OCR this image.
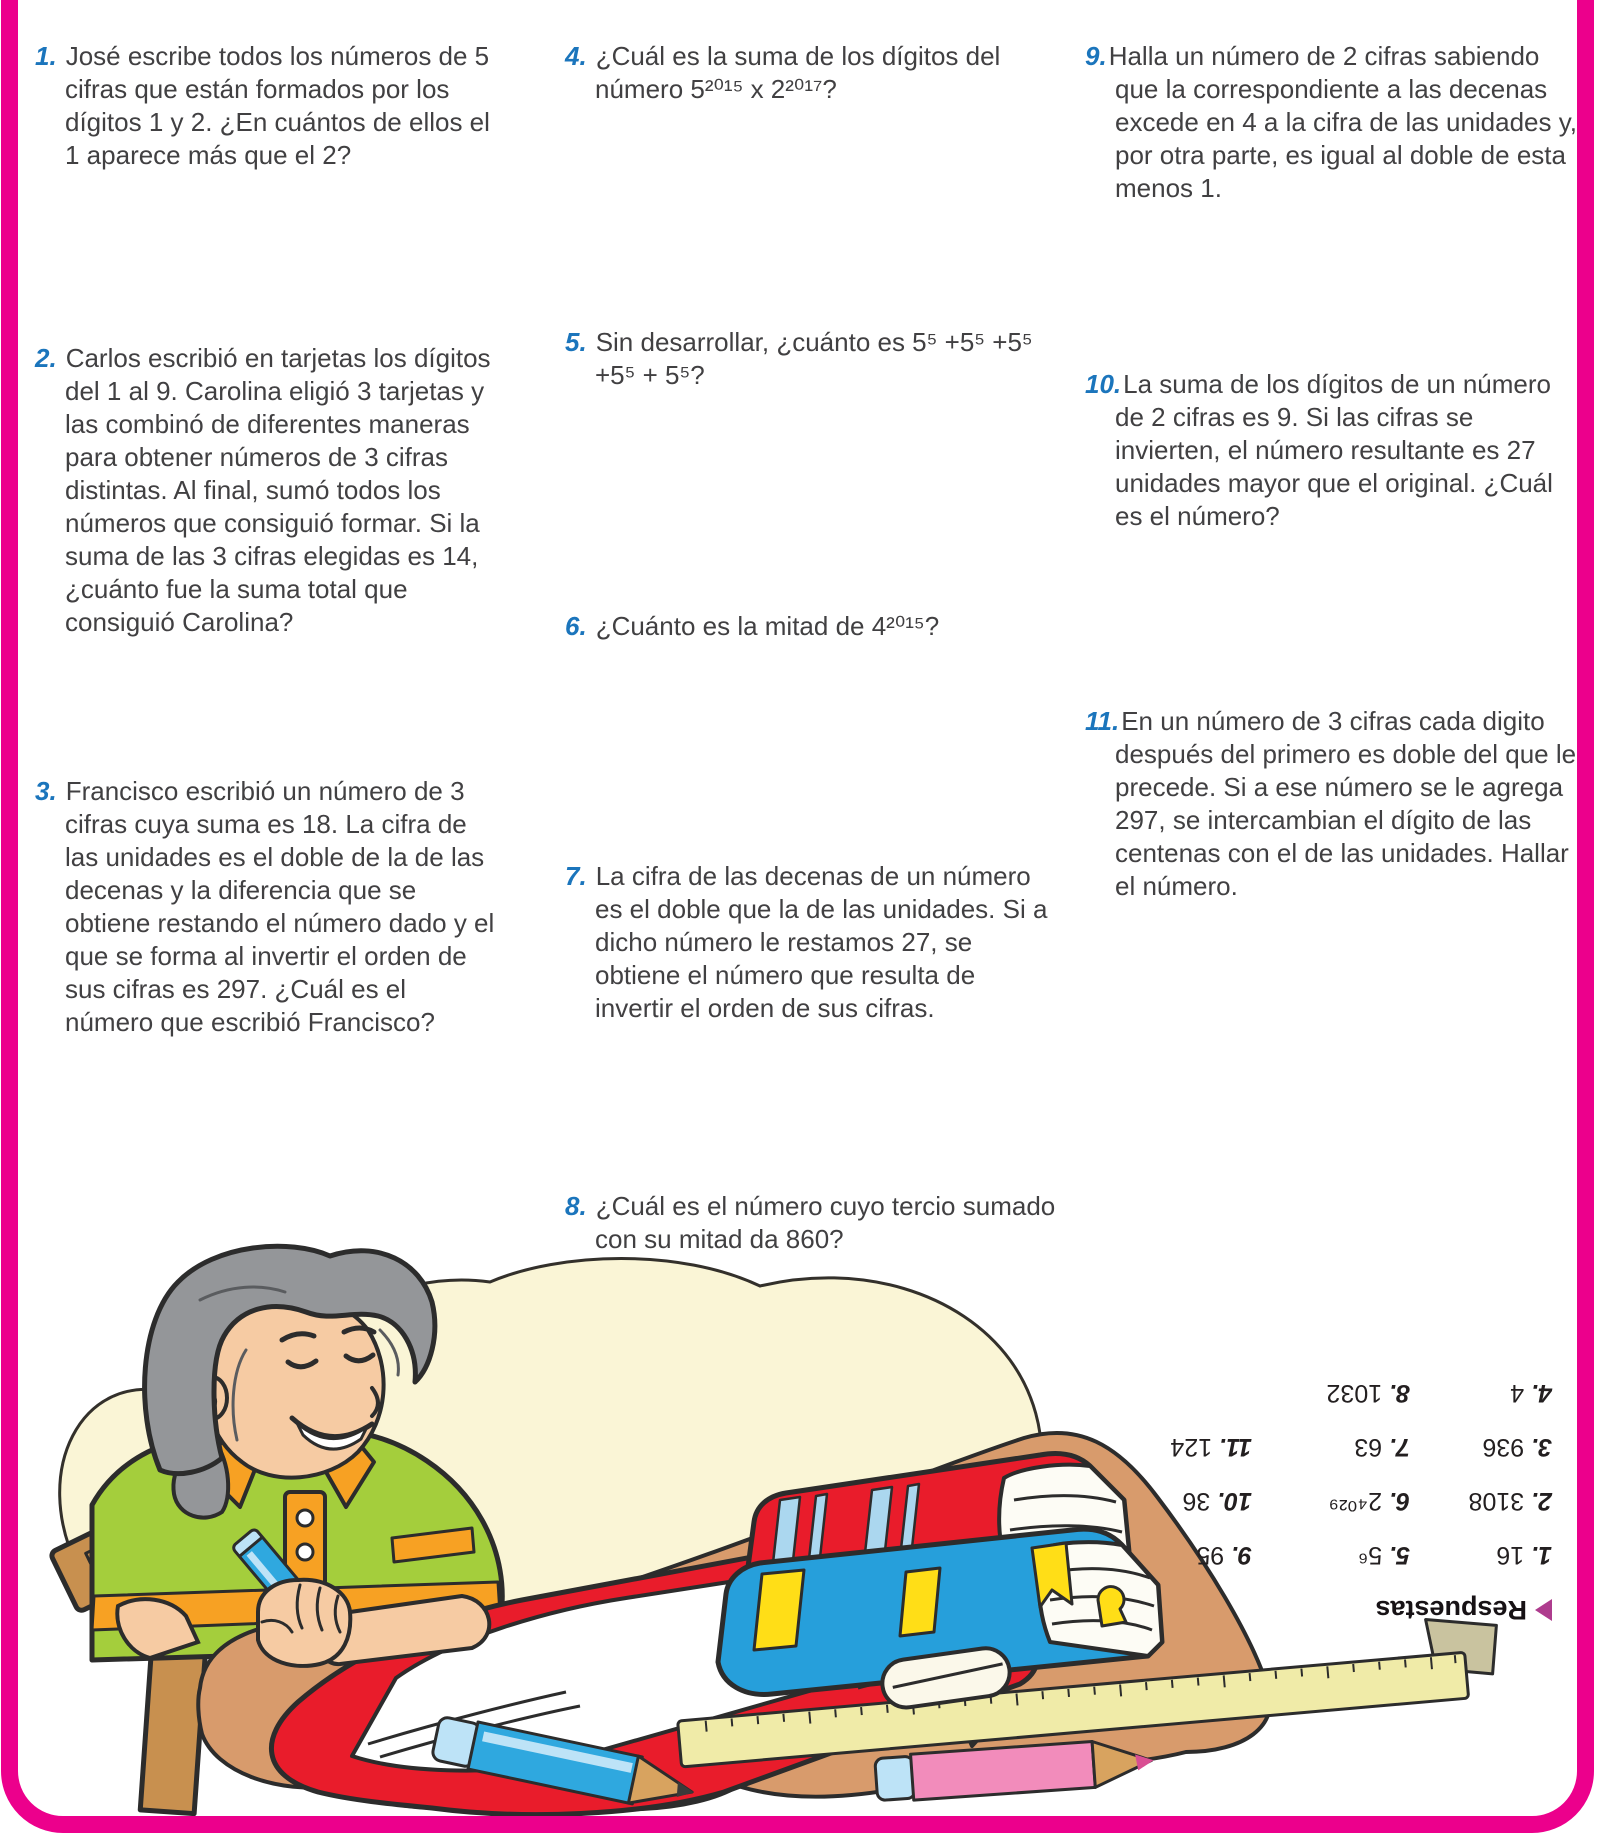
1. José escribe todos los números de 5 cifras que están formados por los dígitos 1 y 2. ¿En cuántos de ellos el 1 aparece más que el 2?
2. Carlos escribió en tarjetas los dígitos del 1 al 9. Carolina eligió 3 tarjetas y las combinó de diferentes maneras para obtener números de 3 cifras distintas. Al final, sumó todos los números que consiguió formar. Si la suma de las 3 cifras elegidas es 14, ¿cuánto fue la suma total que consiguió Carolina?
3. Francisco escribió un número de 3 cifras cuya suma es 18. La cifra de las unidades es el doble de la de las decenas y la diferencia que se obtiene restando el número dado y el que se forma al invertir el orden de sus cifras es 297. ¿Cuál es el número que escribió Francisco?
4. ¿Cuál es la suma de los dígitos del número 5²⁰¹⁵ x 2²⁰¹⁷?
5. Sin desarrollar, ¿cuánto es 5⁵ +5⁵ +5⁵ +5⁵ + 5⁵?
6. ¿Cuánto es la mitad de 4²⁰¹⁵?
7. La cifra de las decenas de un número es el doble que la de las unidades. Si a dicho número le restamos 27, se obtiene el número que resulta de invertir el orden de sus cifras.
8. ¿Cuál es el número cuyo tercio sumado con su mitad da 860?
9.Halla un número de 2 cifras sabiendo que la correspondiente a las decenas excede en 4 a la cifra de las unidades y, por otra parte, es igual al doble de esta menos 1.
10.La suma de los dígitos de un número de 2 cifras es 9. Si las cifras se invierten, el número resultante es 27 unidades mayor que el original. ¿Cuál es el número?
11.En un número de 3 cifras cada digito después del primero es doble del que le precede. Si a ese número se le agrega 297, se intercambian el dígito de las centenas con el de las unidades. Hallar el número.
Respuestas
1.16
5.5⁶
9.95
2.3108
6.2⁴⁰²⁹
10.36
3.936
7.63
11.124
4.4
8.1032
